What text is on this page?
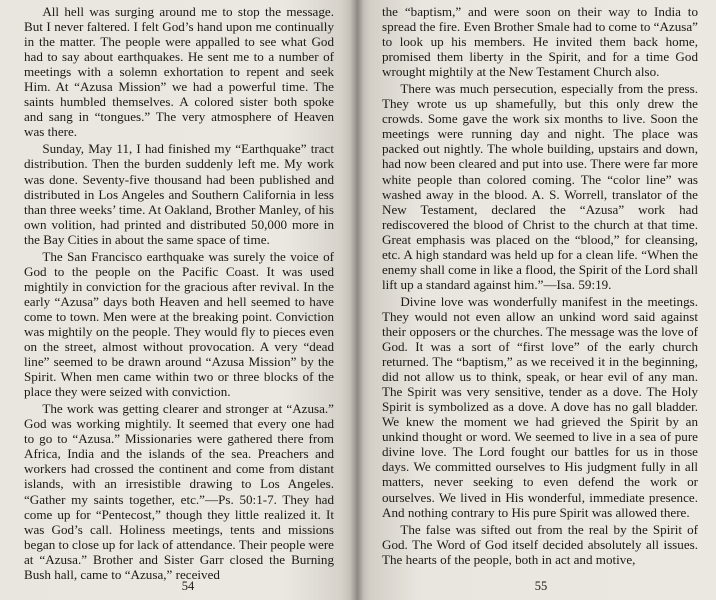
All hell was surging around me to stop the message. But I never faltered. I felt God’s hand upon me continually in the matter. The people were appalled to see what God had to say about earthquakes. He sent me to a number of meetings with a solemn exhortation to repent and seek Him. At “Azusa Mission” we had a powerful time. The saints humbled themselves. A colored sister both spoke and sang in “tongues.” The very atmosphere of Heaven was there.

Sunday, May 11, I had finished my “Earthquake” tract distribution. Then the burden suddenly left me. My work was done. Seventy-five thousand had been published and distributed in Los Angeles and Southern California in less than three weeks’ time. At Oakland, Brother Manley, of his own volition, had printed and distributed 50,000 more in the Bay Cities in about the same space of time.

The San Francisco earthquake was surely the voice of God to the people on the Pacific Coast. It was used mightily in conviction for the gracious after revival. In the early “Azusa” days both Heaven and hell seemed to have come to town. Men were at the breaking point. Conviction was mightily on the people. They would fly to pieces even on the street, almost without provocation. A very “dead line” seemed to be drawn around “Azusa Mission” by the Spirit. When men came within two or three blocks of the place they were seized with conviction.

The work was getting clearer and stronger at “Azusa.” God was working mightily. It seemed that every one had to go to “Azusa.” Missionaries were gathered there from Africa, India and the islands of the sea. Preachers and workers had crossed the continent and come from distant islands, with an irresistible drawing to Los Angeles. “Gather my saints together, etc.”—Ps. 50:1-7. They had come up for “Pentecost,” though they little realized it. It was God’s call. Holiness meetings, tents and missions began to close up for lack of attendance. Their people were at “Azusa.” Brother and Sister Garr closed the Burning Bush hall, came to “Azusa,” received

54

the “baptism,” and were soon on their way to India to spread the fire. Even Brother Smale had to come to “Azusa” to look up his members. He invited them back home, promised them liberty in the Spirit, and for a time God wrought mightily at the New Testament Church also.

There was much persecution, especially from the press. They wrote us up shamefully, but this only drew the crowds. Some gave the work six months to live. Soon the meetings were running day and night. The place was packed out nightly. The whole building, upstairs and down, had now been cleared and put into use. There were far more white people than colored coming. The “color line” was washed away in the blood. A. S. Worrell, translator of the New Testament, declared the “Azusa” work had rediscovered the blood of Christ to the church at that time. Great emphasis was placed on the “blood,” for cleansing, etc. A high standard was held up for a clean life. “When the enemy shall come in like a flood, the Spirit of the Lord shall lift up a standard against him.”—Isa. 59:19.

Divine love was wonderfully manifest in the meetings. They would not even allow an unkind word said against their opposers or the churches. The message was the love of God. It was a sort of “first love” of the early church returned. The “baptism,” as we received it in the beginning, did not allow us to think, speak, or hear evil of any man. The Spirit was very sensitive, tender as a dove. The Holy Spirit is symbolized as a dove. A dove has no gall bladder. We knew the moment we had grieved the Spirit by an unkind thought or word. We seemed to live in a sea of pure divine love. The Lord fought our battles for us in those days. We committed ourselves to His judgment fully in all matters, never seeking to even defend the work or ourselves. We lived in His wonderful, immediate presence. And nothing contrary to His pure Spirit was allowed there.

The false was sifted out from the real by the Spirit of God. The Word of God itself decided absolutely all issues. The hearts of the people, both in act and motive,

55
